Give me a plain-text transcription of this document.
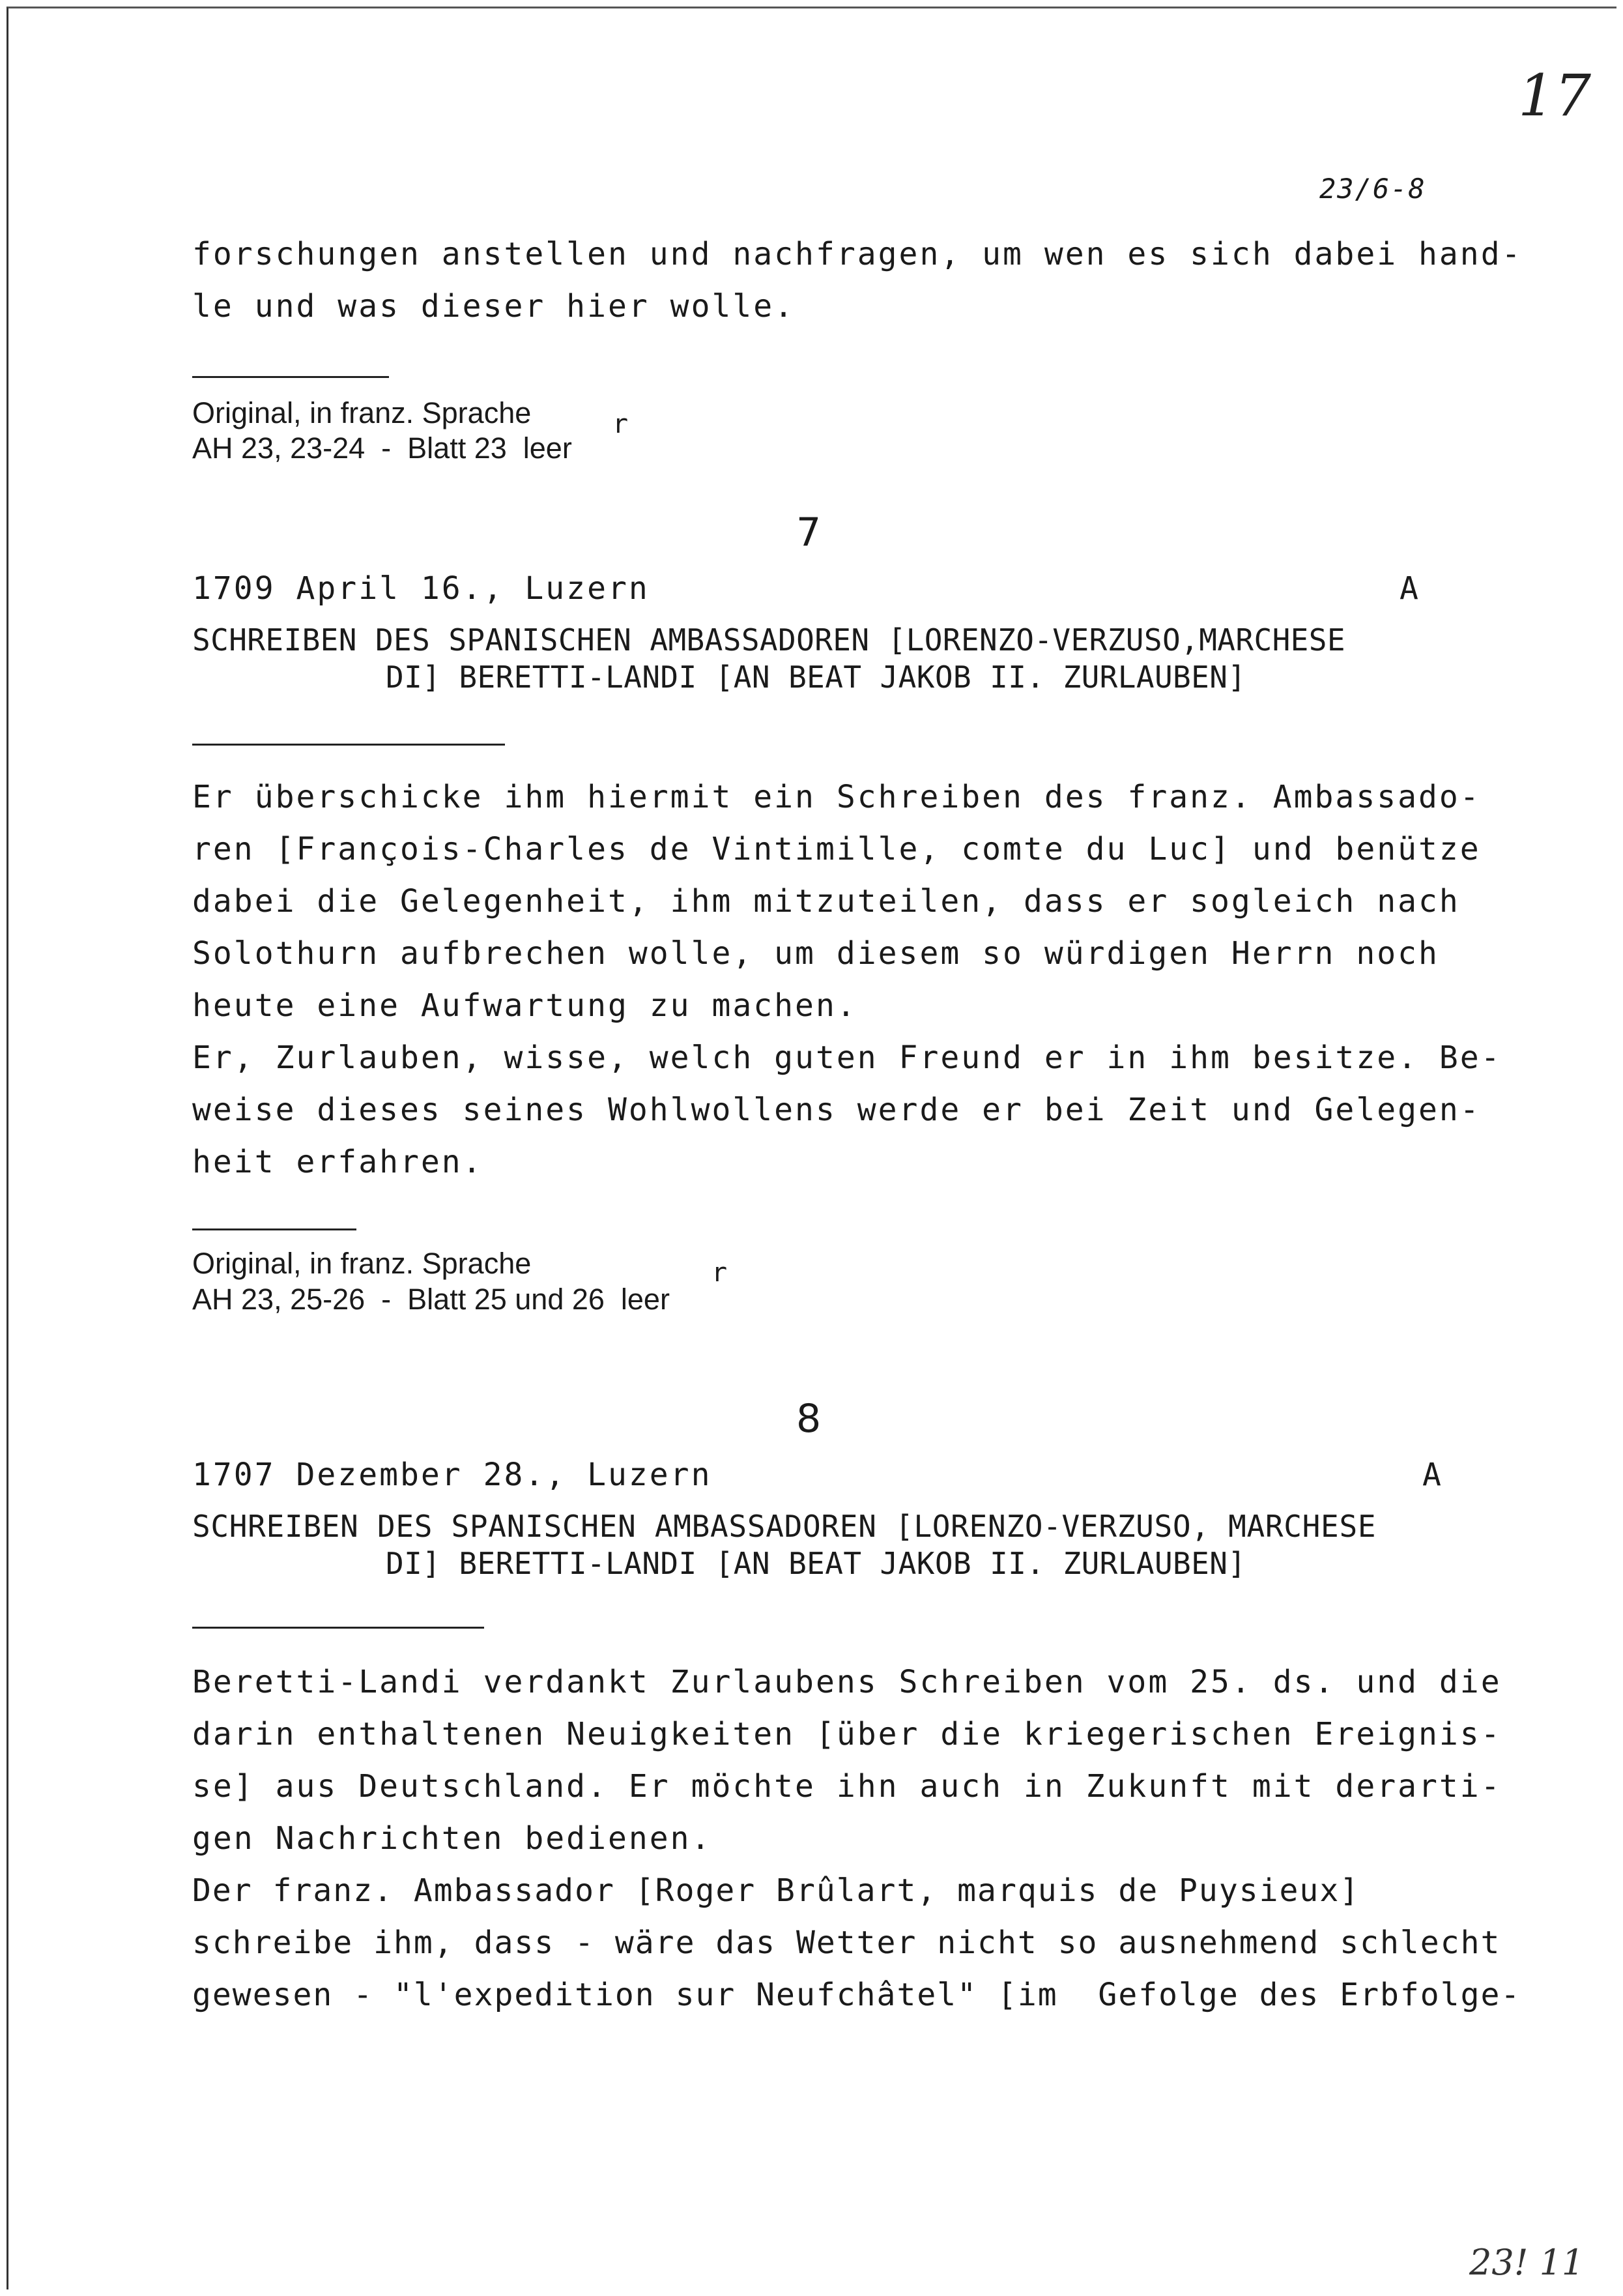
17
23/6-8
forschungen anstellen und nachfragen, um wen es sich dabei hand-
le und was dieser hier wolle.
Original, in franz. Sprache
AH 23, 23-24  -  Blatt 23  leer
r
7
1709 April 16., Luzern	A
SCHREIBEN DES SPANISCHEN AMBASSADOREN [LORENZO-VERZUSO,MARCHESE
DI] BERETTI-LANDI [AN BEAT JAKOB II. ZURLAUBEN]
Er überschicke ihm hiermit ein Schreiben des franz. Ambassado-
ren [François-Charles de Vintimille, comte du Luc] und benütze
dabei die Gelegenheit, ihm mitzuteilen, dass er sogleich nach
Solothurn aufbrechen wolle, um diesem so würdigen Herrn noch
heute eine Aufwartung zu machen.
Er, Zurlauben, wisse, welch guten Freund er in ihm besitze. Be-
weise dieses seines Wohlwollens werde er bei Zeit und Gelegen-
heit erfahren.
Original, in franz. Sprache
AH 23, 25-26  -  Blatt 25 und 26  leer
r
8
1707 Dezember 28., Luzern	A
SCHREIBEN DES SPANISCHEN AMBASSADOREN [LORENZO-VERZUSO, MARCHESE
DI] BERETTI-LANDI [AN BEAT JAKOB II. ZURLAUBEN]
Beretti-Landi verdankt Zurlaubens Schreiben vom 25. ds. und die
darin enthaltenen Neuigkeiten [über die kriegerischen Ereignis-
se] aus Deutschland. Er möchte ihn auch in Zukunft mit derarti-
gen Nachrichten bedienen.
Der franz. Ambassador [Roger Brûlart, marquis de Puysieux]
schreibe ihm, dass - wäre das Wetter nicht so ausnehmend schlecht
gewesen - "l'expedition sur Neufchâtel" [im  Gefolge des Erbfolge-
23! 11
